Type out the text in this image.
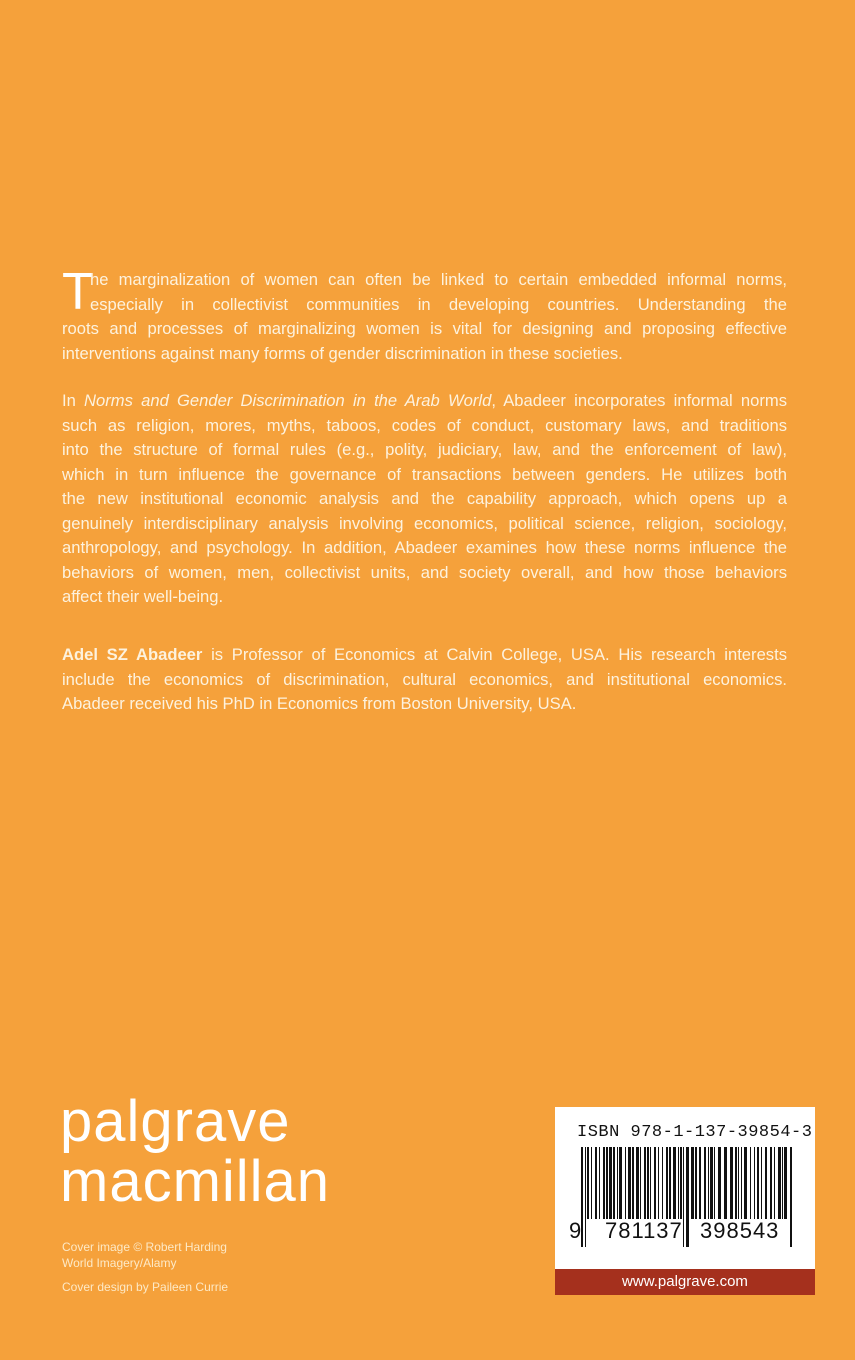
T
he marginalization of women can often be linked to certain embedded informal norms,
especially in collectivist communities in developing countries. Understanding the
roots and processes of marginalizing women is vital for designing and proposing effective
interventions against many forms of gender discrimination in these societies.
In Norms and Gender Discrimination in the Arab World, Abadeer incorporates informal norms
such as religion, mores, myths, taboos, codes of conduct, customary laws, and traditions
into the structure of formal rules (e.g., polity, judiciary, law, and the enforcement of law),
which in turn influence the governance of transactions between genders. He utilizes both
the new institutional economic analysis and the capability approach, which opens up a
genuinely interdisciplinary analysis involving economics, political science, religion, sociology,
anthropology, and psychology. In addition, Abadeer examines how these norms influence the
behaviors of women, men, collectivist units, and society overall, and how those behaviors
affect their well-being.
Adel SZ Abadeer is Professor of Economics at Calvin College, USA. His research interests
include the economics of discrimination, cultural economics, and institutional economics.
Abadeer received his PhD in Economics from Boston University, USA.
palgrave
macmillan
Cover image © Robert Harding
World Imagery/Alamy
Cover design by Paileen Currie
ISBN 978-1-137-39854-3
9 781137 398543
www.palgrave.com
